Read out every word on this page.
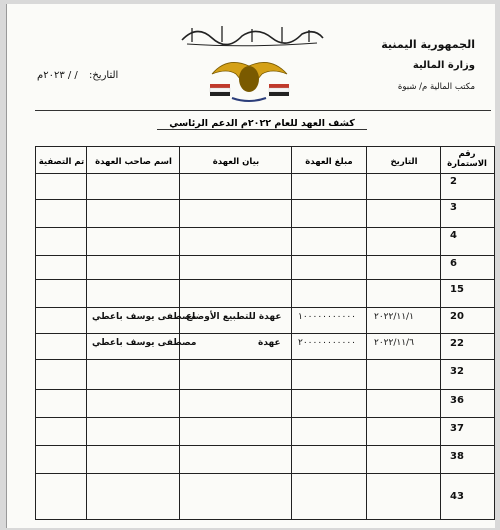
الجمهورية اليمنية
وزارة المالية
مكتب المالية م/ شبوة
التاريخ: / / ٢٠٢٣م
كشف العهد للعام ٢٠٢٢م الدعم الرئاسي
رقم الاستمارة
التاريخ
مبلغ العهدة
بيان العهدة
اسم صاحب العهدة
تم التصفية
2
3
4
6
15
20
22
32
36
37
38
43
٢٠٢٢/١١/١
١٠٠٠٠٠٠٠٠٠٠٠
عهدة للتطبيع الأوضاع
مصطفى يوسف باعطي
٢٠٢٢/١١/٦
٢٠٠٠٠٠٠٠٠٠٠٠
عهدة
مصطفى يوسف باعطي
